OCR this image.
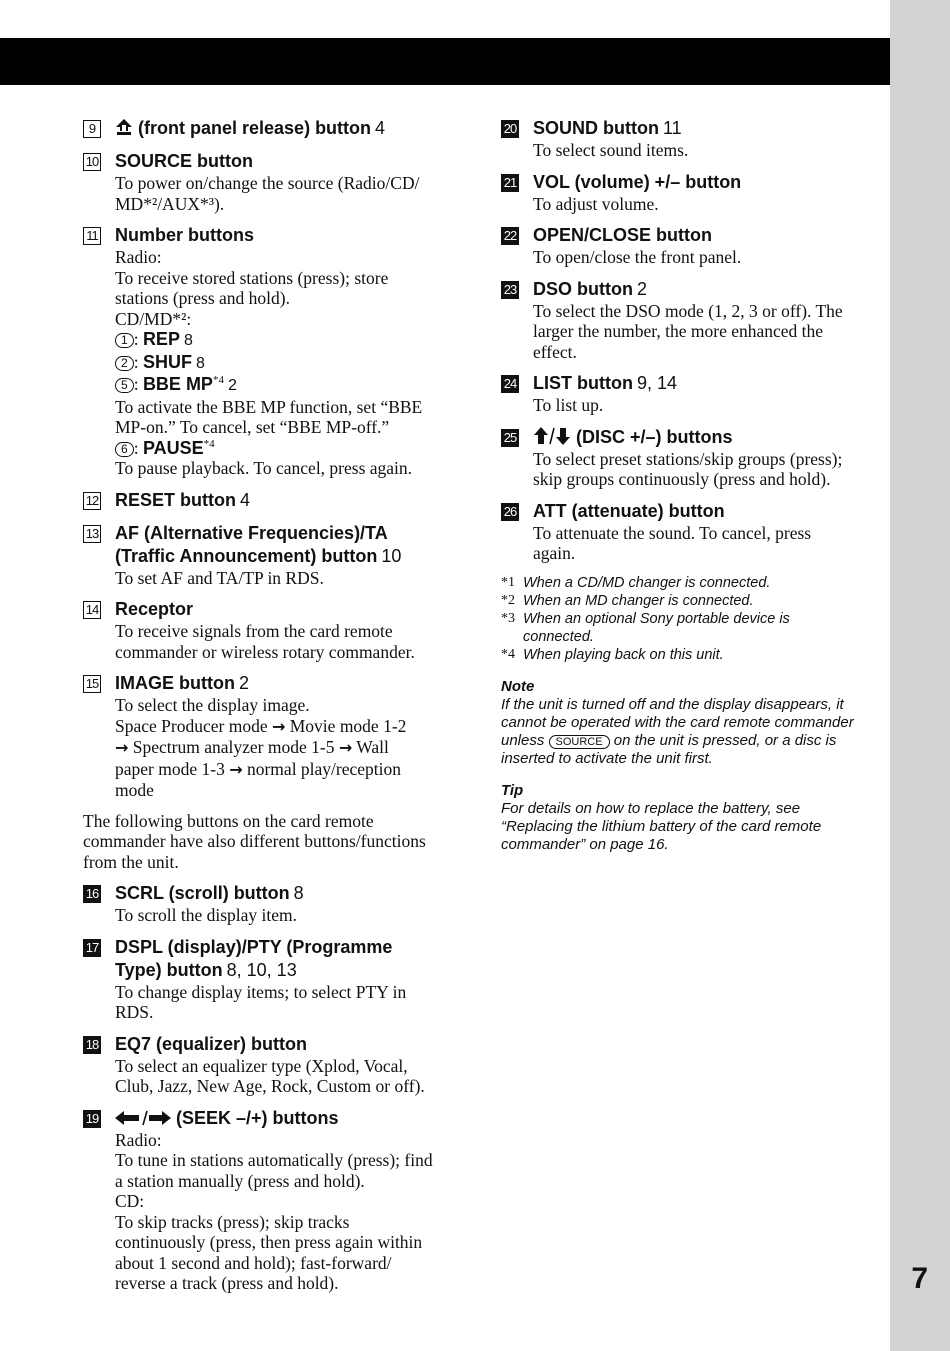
9	(front panel release) button 4
10 SOURCE button
To power on/change the source (Radio/CD/
MD*²/AUX*³).
11 Number buttons
Radio:
To receive stored stations (press); store
stations (press and hold).
CD/MD*²:
1 : REP 8
2 : SHUF 8
5 : BBE MP$^{*4}$ 2
To activate the BBE MP function, set “BBE
MP-on.” To cancel, set “BBE MP-off.”
6 : PAUSE$^{*4}$
To pause playback. To cancel, press again.
12 RESET button 4
13 AF (Alternative Frequencies)/TA
(Traffic Announcement) button 10
To set AF and TA/TP in RDS.
14 Receptor
To receive signals from the card remote
commander or wireless rotary commander.
15 IMAGE button 2
To select the display image.
Space Producer mode → Movie mode 1-2
→ Spectrum analyzer mode 1-5 → Wall
paper mode 1-3 → normal play/reception
mode
The following buttons on the card remote
commander have also different buttons/functions
from the unit.
16 SCRL (scroll) button 8
To scroll the display item.
17 DSPL (display)/PTY (Programme
Type) button 8, 10, 13
To change display items; to select PTY in
RDS.
18 EQ7 (equalizer) button
To select an equalizer type (Xplod, Vocal,
Club, Jazz, New Age, Rock, Custom or off).
19	(SEEK –/+) buttons
Radio:
To tune in stations automatically (press); find
a station manually (press and hold).
CD:
To skip tracks (press); skip tracks
continuously (press, then press again within
about 1 second and hold); fast-forward/
reverse a track (press and hold).
20 SOUND button 11
To select sound items.
21 VOL (volume) +/– button
To adjust volume.
22 OPEN/CLOSE button
To open/close the front panel.
23 DSO button 2
To select the DSO mode (1, 2, 3 or off). The
larger the number, the more enhanced the
effect.
24 LIST button 9, 14
To list up.
25	(DISC +/–) buttons
To select preset stations/skip groups (press);
skip groups continuously (press and hold).
26 ATT (attenuate) button
To attenuate the sound. To cancel, press
again.
*1 When a CD/MD changer is connected.
*2 When an MD changer is connected.
*3 When an optional Sony portable device is
connected.
*4 When playing back on this unit.
Note
If the unit is turned off and the display disappears, it
cannot be operated with the card remote commander
unless SOURCE on the unit is pressed, or a disc is
inserted to activate the unit first.
Tip
For details on how to replace the battery, see
“Replacing the lithium battery of the card remote
commander” on page 16.
7
